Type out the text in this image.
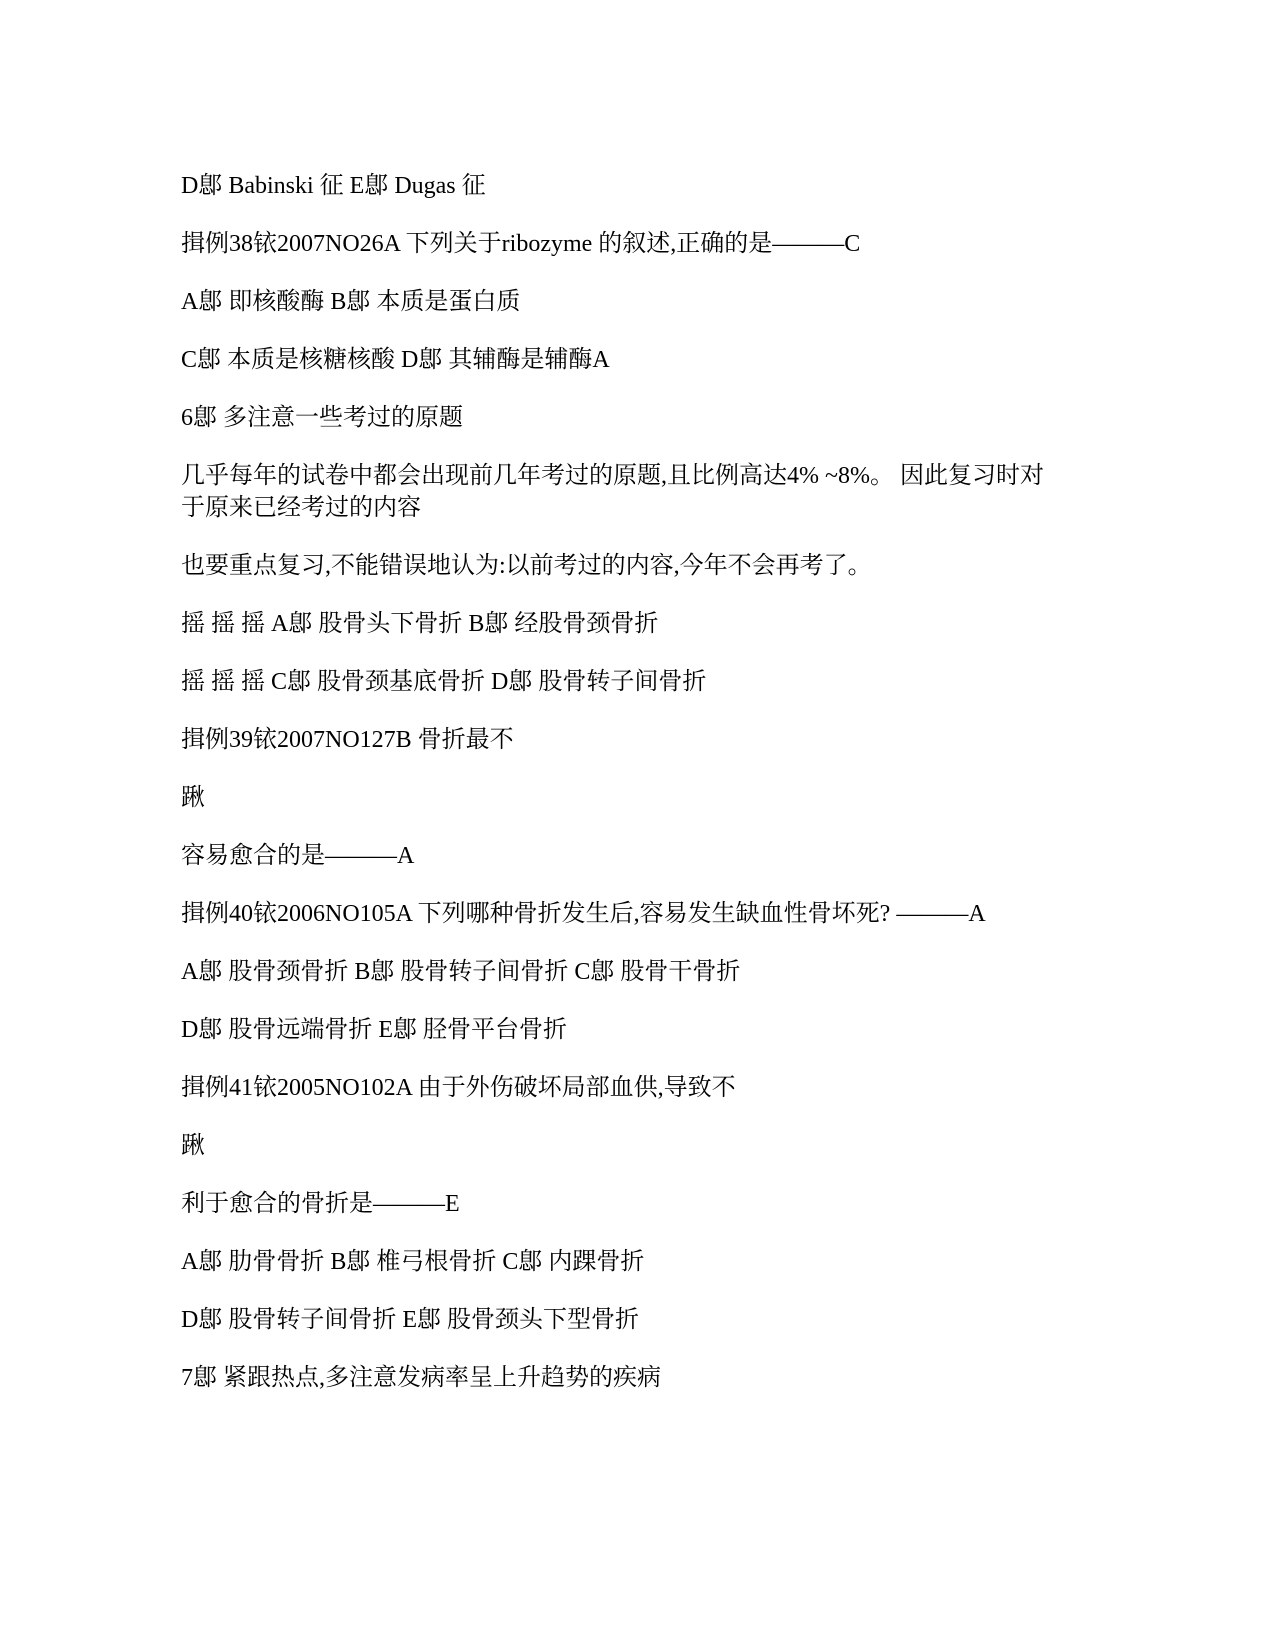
D鄎 Babinski 征 E鄎 Dugas 征
揖例38铱2007NO26A 下列关于ribozyme 的叙述,正确的是———C
A鄎 即核酸酶 B鄎 本质是蛋白质
C鄎 本质是核糖核酸 D鄎 其辅酶是辅酶A
6鄎 多注意一些考过的原题
几乎每年的试卷中都会出现前几年考过的原题,且比例高达4% ~8%。 因此复习时对于原来已经考过的内容
也要重点复习,不能错误地认为:以前考过的内容,今年不会再考了。
摇 摇 摇 A鄎 股骨头下骨折 B鄎 经股骨颈骨折
摇 摇 摇 C鄎 股骨颈基底骨折 D鄎 股骨转子间骨折
揖例39铱2007NO127B 骨折最不
踿
容易愈合的是———A
揖例40铱2006NO105A 下列哪种骨折发生后,容易发生缺血性骨坏死? ———A
A鄎 股骨颈骨折 B鄎 股骨转子间骨折 C鄎 股骨干骨折
D鄎 股骨远端骨折 E鄎 胫骨平台骨折
揖例41铱2005NO102A 由于外伤破坏局部血供,导致不
踿
利于愈合的骨折是———E
A鄎 肋骨骨折 B鄎 椎弓根骨折 C鄎 内踝骨折
D鄎 股骨转子间骨折 E鄎 股骨颈头下型骨折
7鄎 紧跟热点,多注意发病率呈上升趋势的疾病
